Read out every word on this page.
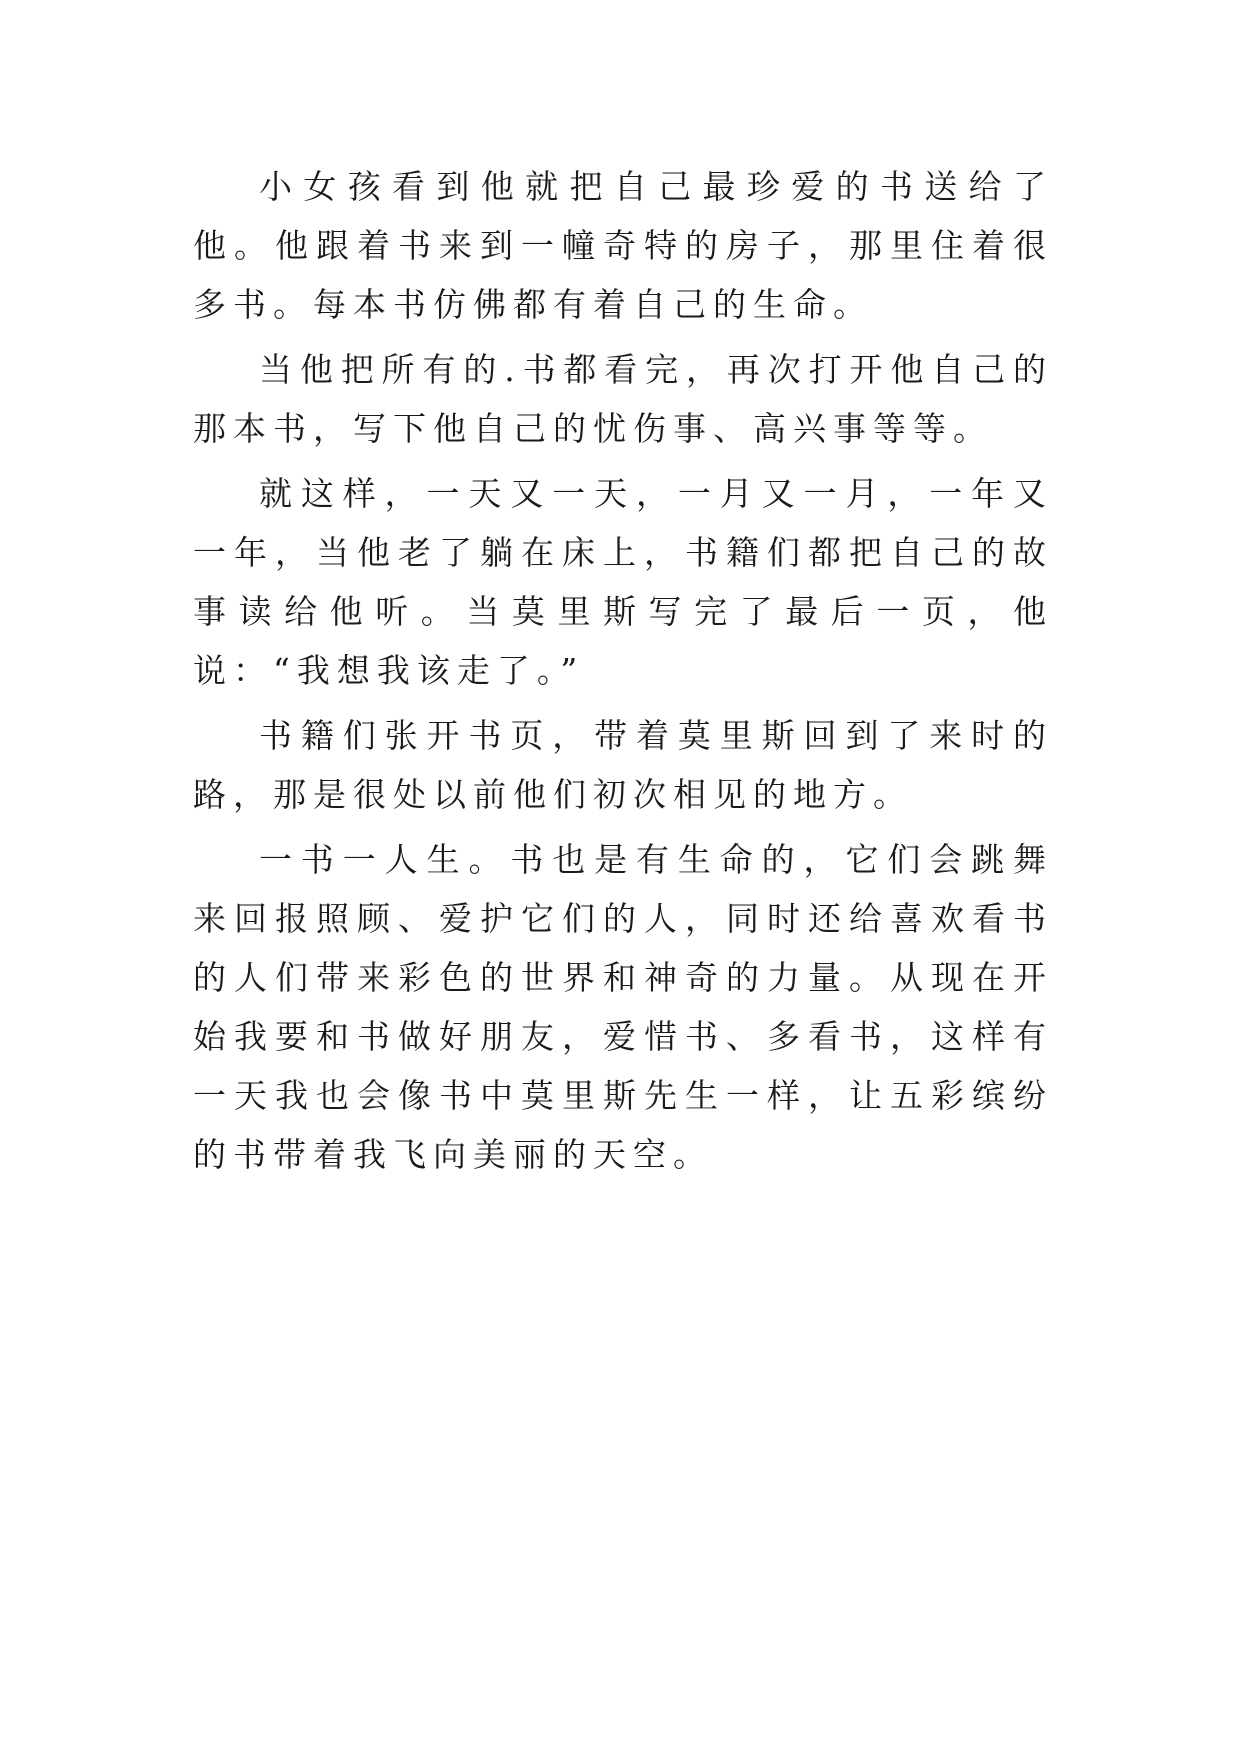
小女孩看到他就把自己最珍爱的书送给了他。他跟着书来到一幢奇特的房子，那里住着很多书。每本书仿佛都有着自己的生命。

当他把所有的.书都看完，再次打开他自己的那本书，写下他自己的忧伤事、高兴事等等。

就这样，一天又一天，一月又一月，一年又一年，当他老了躺在床上，书籍们都把自己的故事读给他听。当莫里斯写完了最后一页，他说：“我想我该走了。”

书籍们张开书页，带着莫里斯回到了来时的路，那是很处以前他们初次相见的地方。

一书一人生。书也是有生命的，它们会跳舞来回报照顾、爱护它们的人，同时还给喜欢看书的人们带来彩色的世界和神奇的力量。从现在开始我要和书做好朋友，爱惜书、多看书，这样有一天我也会像书中莫里斯先生一样，让五彩缤纷的书带着我飞向美丽的天空。
